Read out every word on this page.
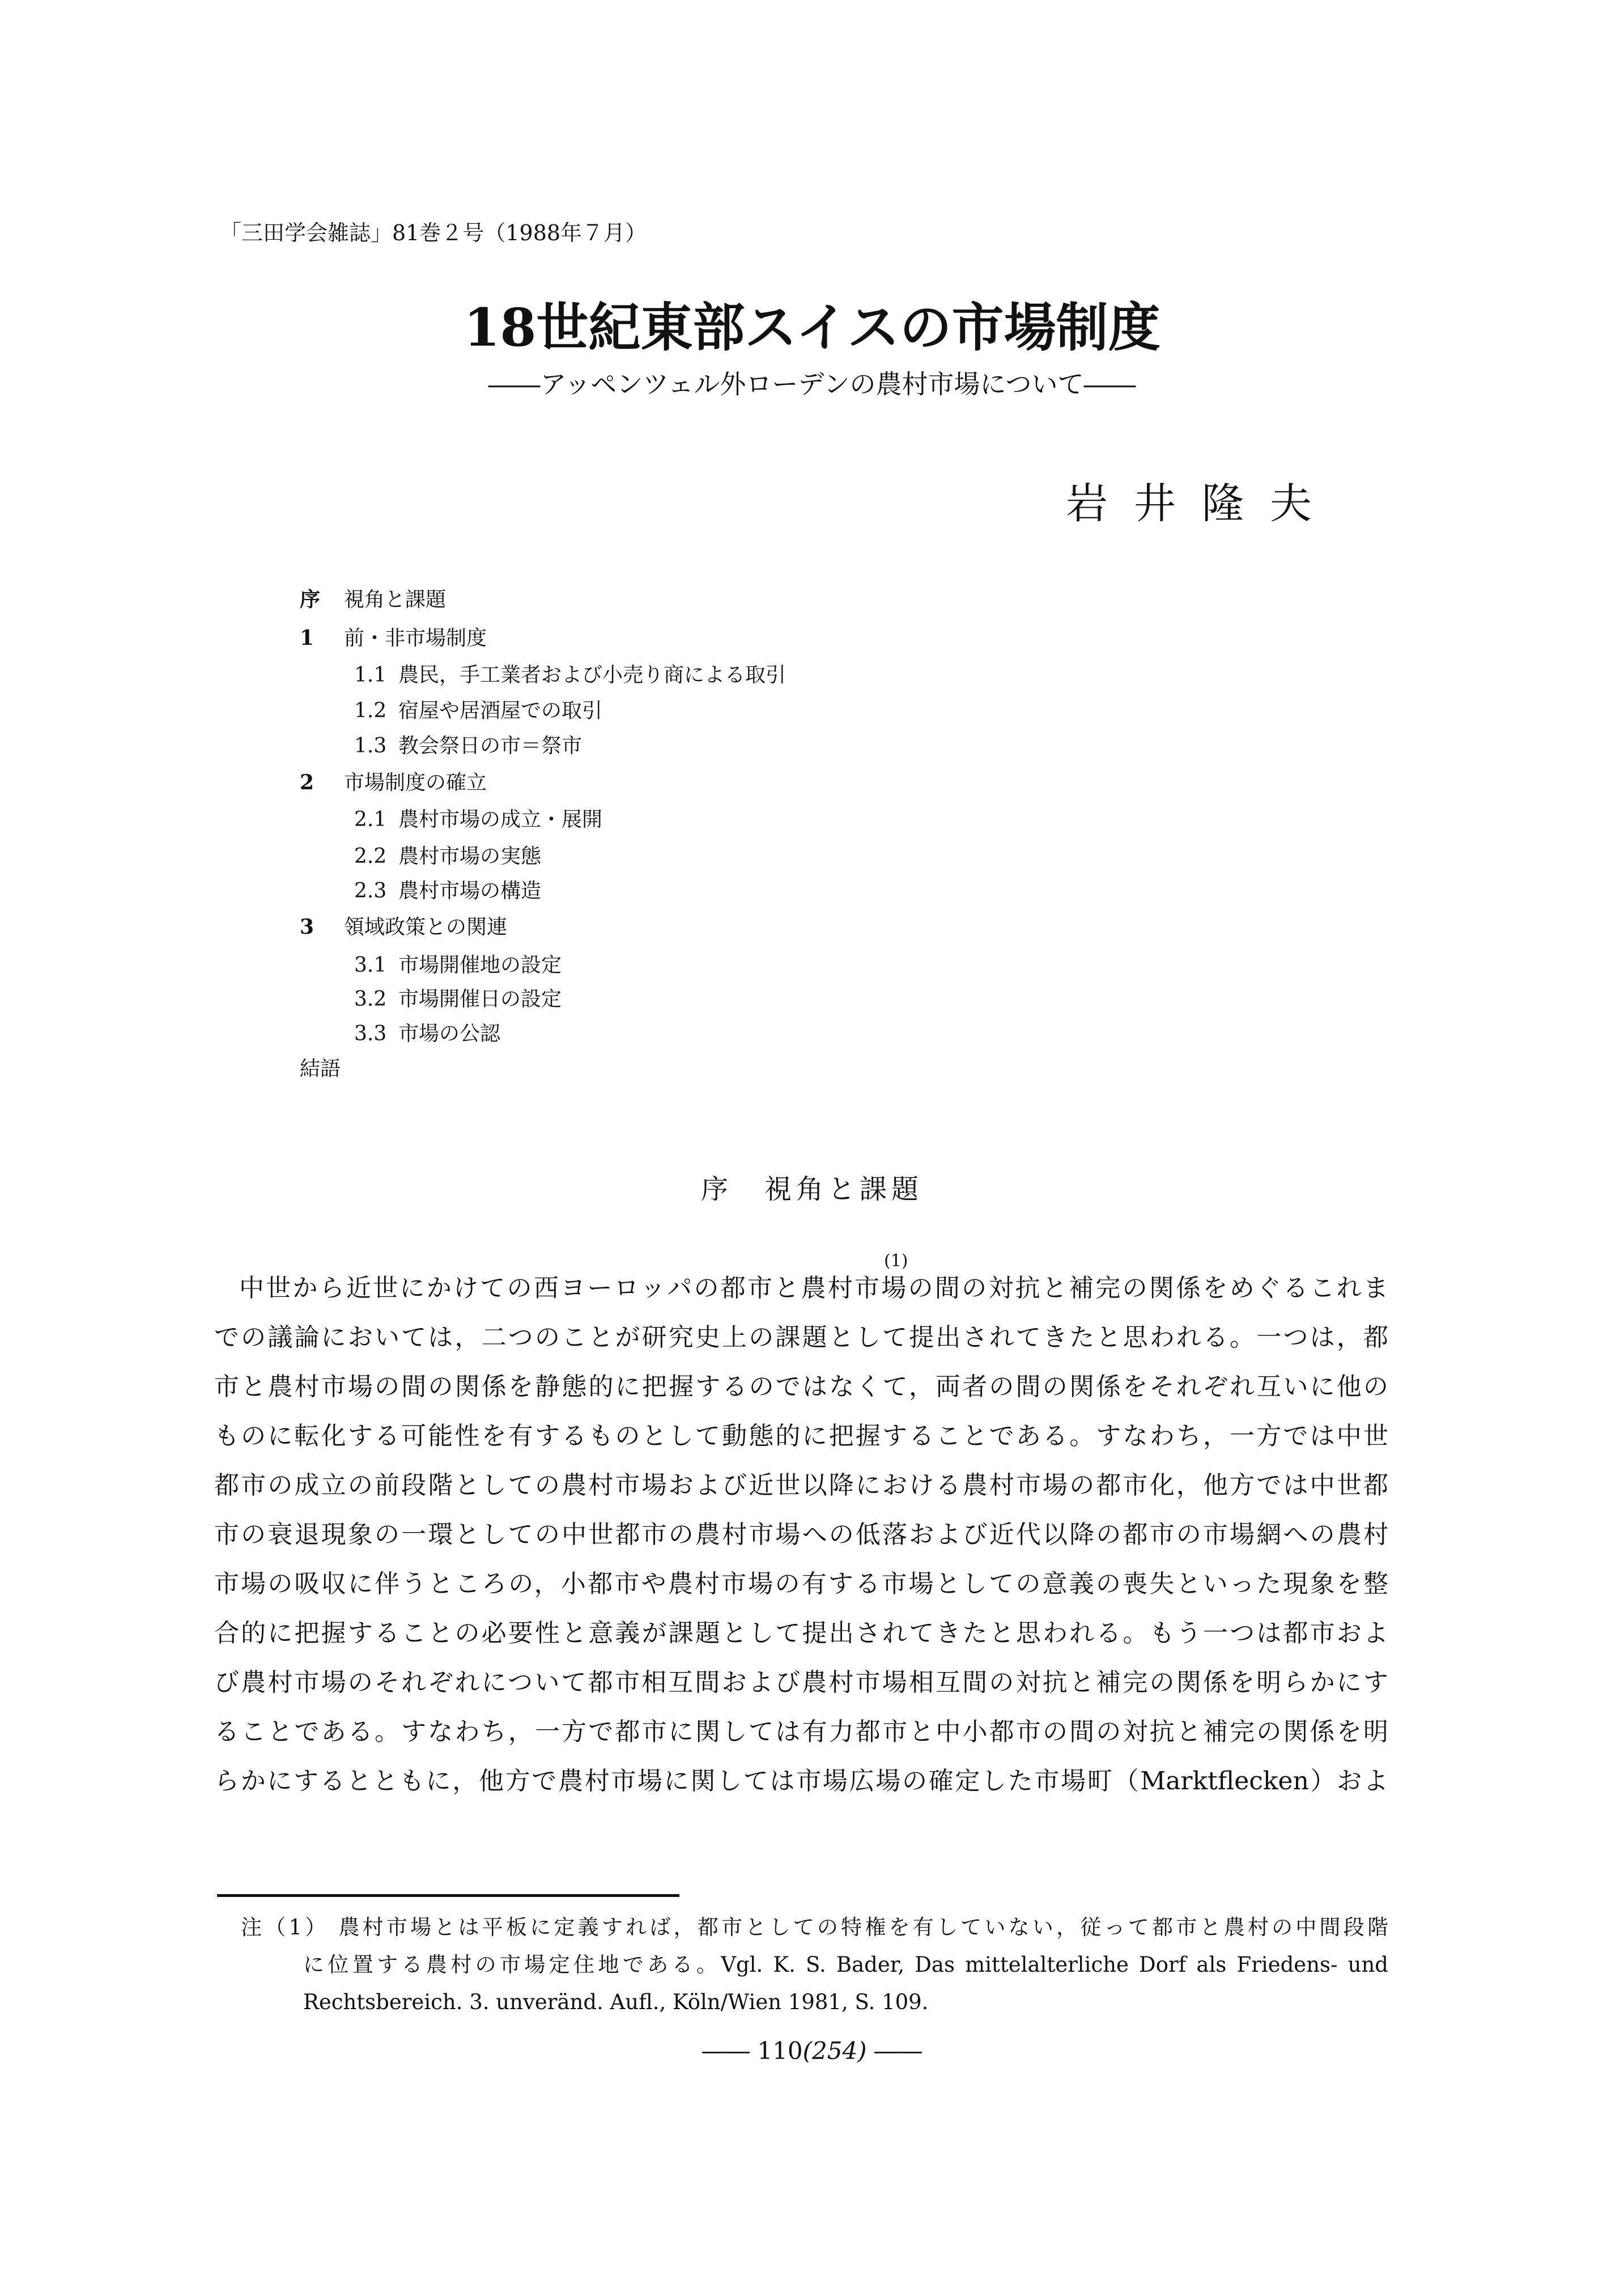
「三田学会雑誌」81巻２号（1988年７月）
18世紀東部スイスの市場制度
――アッペンツェル外ローデンの農村市場について――
岩井隆夫
序 視角と課題
1 前・非市場制度
1.1 農民，手工業者および小売り商による取引
1.2 宿屋や居酒屋での取引
1.3 教会祭日の市＝祭市
2 市場制度の確立
2.1 農村市場の成立・展開
2.2 農村市場の実態
2.3 農村市場の構造
3 領域政策との関連
3.1 市場開催地の設定
3.2 市場開催日の設定
3.3 市場の公認
結語
序　視角と課題
(1)
中世から近世にかけての西ヨーロッパの都市と農村市場の間の対抗と補完の関係をめぐるこれま
での議論においては，二つのことが研究史上の課題として提出されてきたと思われる。一つは，都
市と農村市場の間の関係を静態的に把握するのではなくて，両者の間の関係をそれぞれ互いに他の
ものに転化する可能性を有するものとして動態的に把握することである。すなわち，一方では中世
都市の成立の前段階としての農村市場および近世以降における農村市場の都市化，他方では中世都
市の衰退現象の一環としての中世都市の農村市場への低落および近代以降の都市の市場網への農村
市場の吸収に伴うところの，小都市や農村市場の有する市場としての意義の喪失といった現象を整
合的に把握することの必要性と意義が課題として提出されてきたと思われる。もう一つは都市およ
び農村市場のそれぞれについて都市相互間および農村市場相互間の対抗と補完の関係を明らかにす
ることである。すなわち，一方で都市に関しては有力都市と中小都市の間の対抗と補完の関係を明
らかにするとともに，他方で農村市場に関しては市場広場の確定した市場町（Marktflecken）およ
注（1） 農村市場とは平板に定義すれば，都市としての特権を有していない，従って都市と農村の中間段階
に位置する農村の市場定住地である。Vgl. K. S. Bader, Das mittelalterliche Dorf als Friedens- und
Rechtsbereich. 3. unveränd. Aufl., Köln/Wien 1981, S. 109.
―― 110(254) ――
